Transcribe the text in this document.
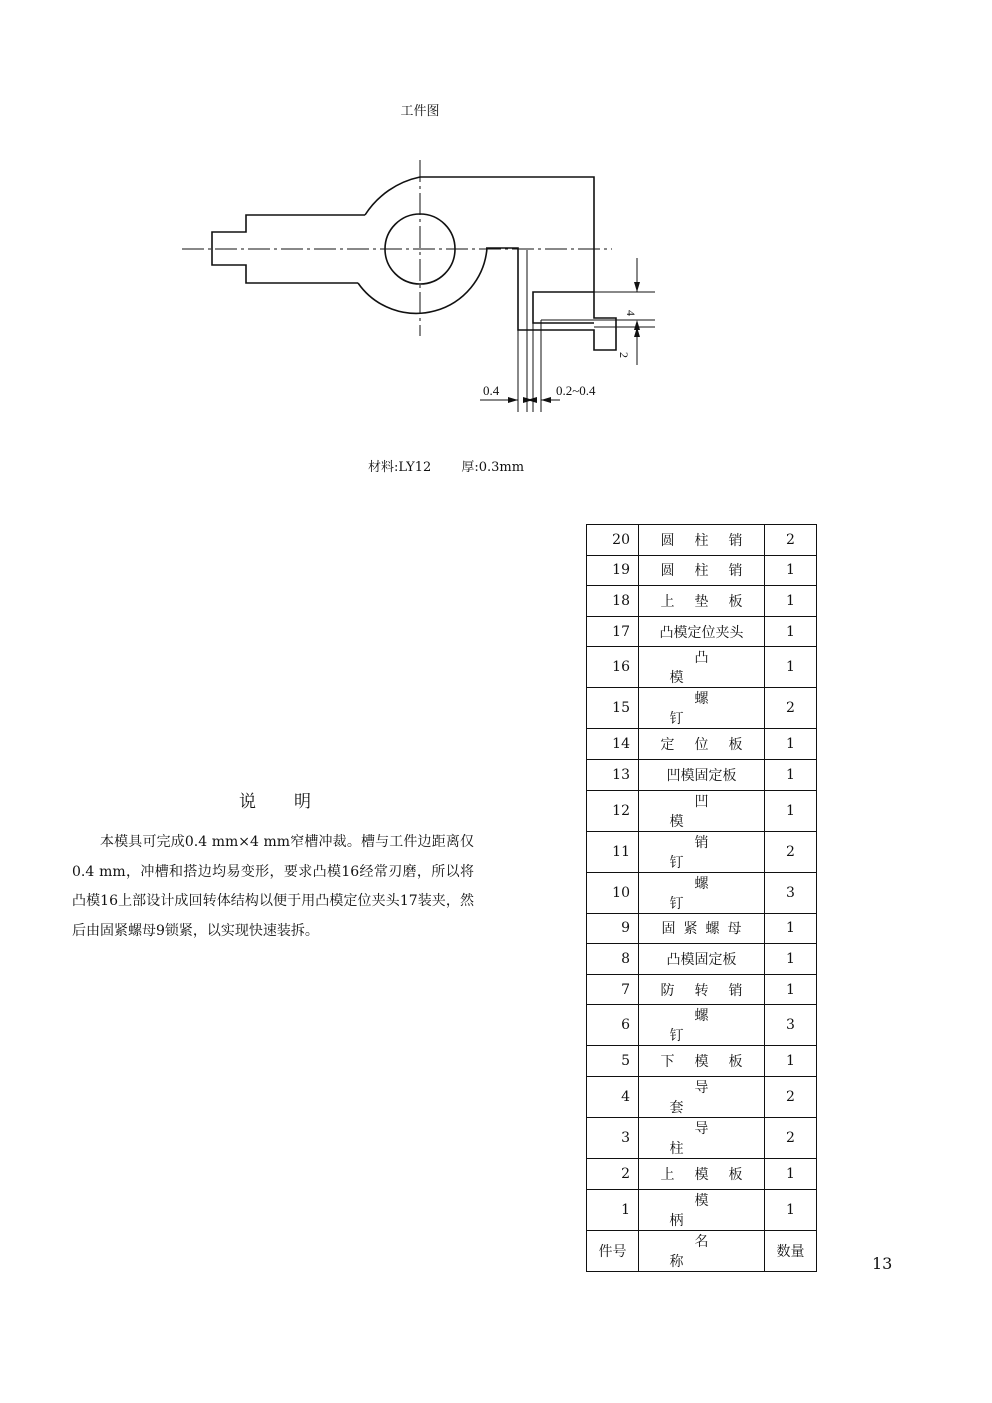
工件图
0.4	0.2~0.4
4
2
材料:LY12 厚:0.3mm
说明
本模具可完成0.4 mm×4 mm窄槽冲裁。槽与工件边距离仅0.4 mm，冲槽和搭边均易变形，要求凸模16经常刃磨，所以将凸模16上部设计成回转体结构以便于用凸模定位夹头17装夹，然后由固紧螺母9锁紧，以实现快速装拆。
20	圆柱销	2
19	圆柱销	1
18	上垫板	1
17	凸模定位夹头	1
16	凸模	1
15	螺钉	2
14	定位板	1
13	凹模固定板	1
12	凹模	1
11	销钉	2
10	螺钉	3
9	固紧螺母	1
8	凸模固定板	1
7	防转销	1
6	螺钉	3
5	下模板	1
4	导套	2
3	导柱	2
2	上模板	1
1	模柄	1
件号	名称	数量
13
